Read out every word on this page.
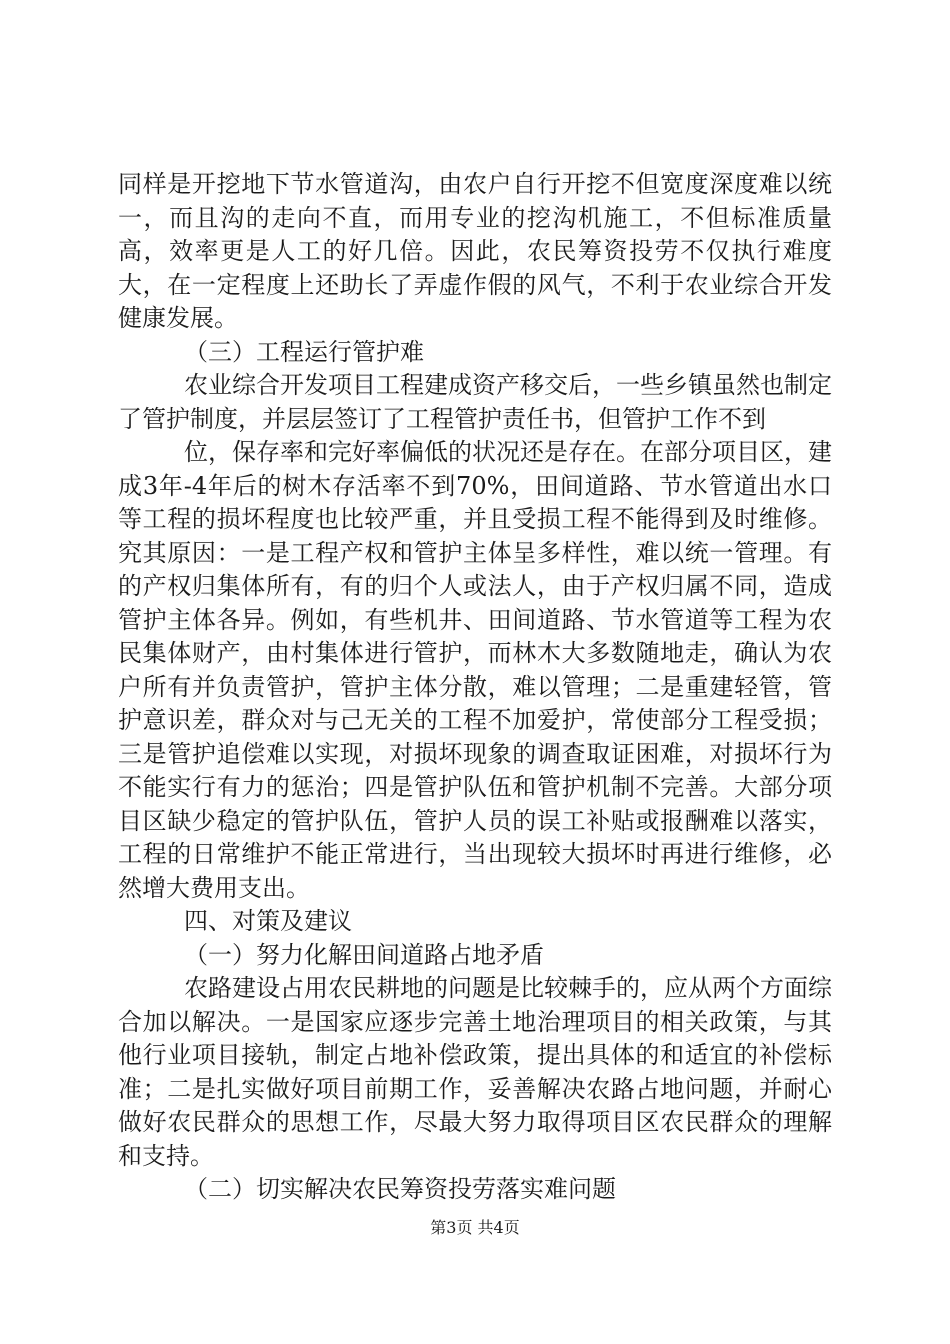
同样是开挖地下节水管道沟，由农户自行开挖不但宽度深度难以统一，而且沟的走向不直，而用专业的挖沟机施工，不但标准质量高，效率更是人工的好几倍。因此，农民筹资投劳不仅执行难度大，在一定程度上还助长了弄虚作假的风气，不利于农业综合开发健康发展。

（三）工程运行管护难

农业综合开发项目工程建成资产移交后，一些乡镇虽然也制定了管护制度，并层层签订了工程管护责任书，但管护工作不到

位，保存率和完好率偏低的状况还是存在。在部分项目区，建成3年-4年后的树木存活率不到70%，田间道路、节水管道出水口等工程的损坏程度也比较严重，并且受损工程不能得到及时维修。究其原因：一是工程产权和管护主体呈多样性，难以统一管理。有的产权归集体所有，有的归个人或法人，由于产权归属不同，造成管护主体各异。例如，有些机井、田间道路、节水管道等工程为农民集体财产，由村集体进行管护，而林木大多数随地走，确认为农户所有并负责管护，管护主体分散，难以管理；二是重建轻管，管护意识差，群众对与己无关的工程不加爱护，常使部分工程受损；三是管护追偿难以实现，对损坏现象的调查取证困难，对损坏行为不能实行有力的惩治；四是管护队伍和管护机制不完善。大部分项目区缺少稳定的管护队伍，管护人员的误工补贴或报酬难以落实，工程的日常维护不能正常进行，当出现较大损坏时再进行维修，必然增大费用支出。

四、对策及建议

（一）努力化解田间道路占地矛盾

农路建设占用农民耕地的问题是比较棘手的，应从两个方面综合加以解决。一是国家应逐步完善土地治理项目的相关政策，与其他行业项目接轨，制定占地补偿政策，提出具体的和适宜的补偿标准；二是扎实做好项目前期工作，妥善解决农路占地问题，并耐心做好农民群众的思想工作，尽最大努力取得项目区农民群众的理解和支持。

（二）切实解决农民筹资投劳落实难问题

第3页 共4页
